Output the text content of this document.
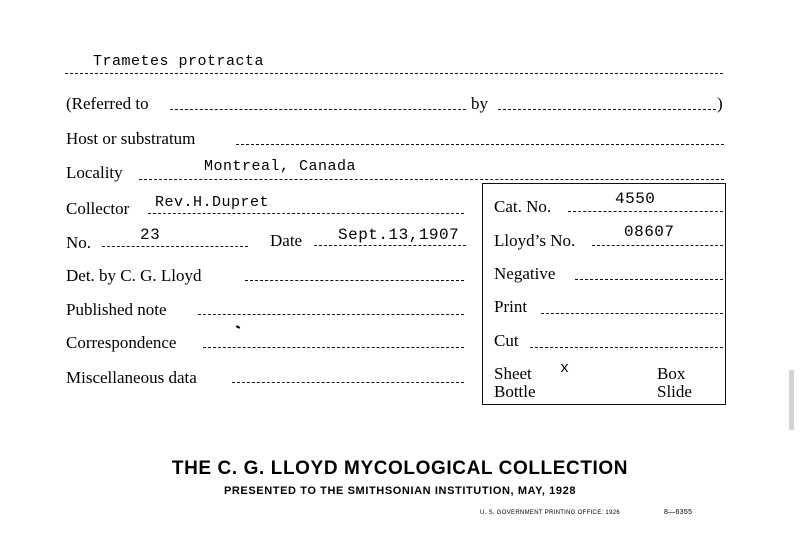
Trametes protracta
(Referred to	by	)
Host or substratum
Locality	Montreal, Canada
Collector Rev.H.Dupret	Cat. No.	4550
No.	23	Date Sept.13,1907 Lloyd’s No.	08607
Det. by C. G. Lloyd	Negative
Published note	Print
Correspondence	Cut
Miscellaneous data	Sheet x	Box
Bottle	Slide
THE C. G. LLOYD MYCOLOGICAL COLLECTION
PRESENTED TO THE SMITHSONIAN INSTITUTION, MAY, 1928
U. S. GOVERNMENT PRINTING OFFICE: 1926	8—6355
